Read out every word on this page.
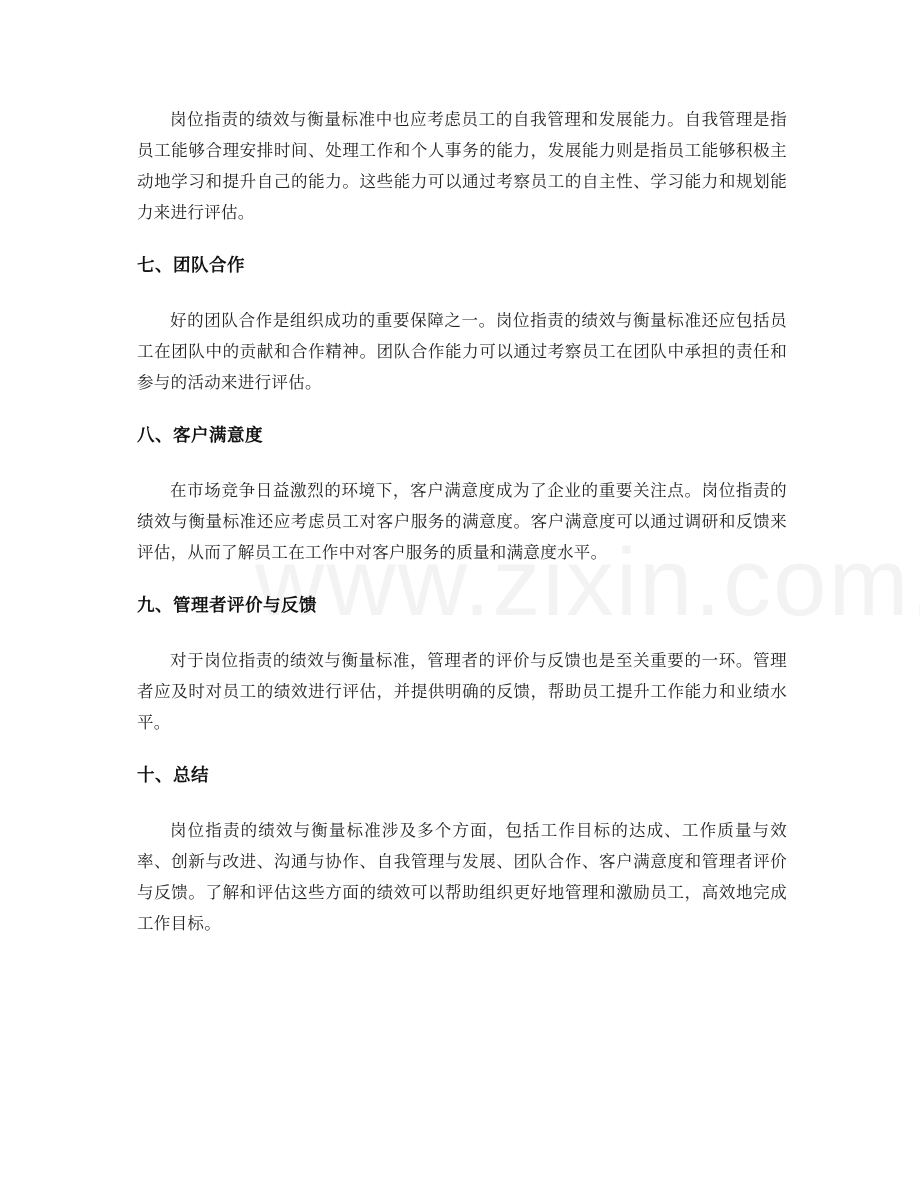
岗位指责的绩效与衡量标准中也应考虑员工的自我管理和发展能力。自我管理是指员工能够合理安排时间、处理工作和个人事务的能力，发展能力则是指员工能够积极主动地学习和提升自己的能力。这些能力可以通过考察员工的自主性、学习能力和规划能力来进行评估。

七、团队合作

好的团队合作是组织成功的重要保障之一。岗位指责的绩效与衡量标准还应包括员工在团队中的贡献和合作精神。团队合作能力可以通过考察员工在团队中承担的责任和参与的活动来进行评估。

八、客户满意度

在市场竞争日益激烈的环境下，客户满意度成为了企业的重要关注点。岗位指责的绩效与衡量标准还应考虑员工对客户服务的满意度。客户满意度可以通过调研和反馈来评估，从而了解员工在工作中对客户服务的质量和满意度水平。

九、管理者评价与反馈

对于岗位指责的绩效与衡量标准，管理者的评价与反馈也是至关重要的一环。管理者应及时对员工的绩效进行评估，并提供明确的反馈，帮助员工提升工作能力和业绩水平。

十、总结

岗位指责的绩效与衡量标准涉及多个方面，包括工作目标的达成、工作质量与效率、创新与改进、沟通与协作、自我管理与发展、团队合作、客户满意度和管理者评价与反馈。了解和评估这些方面的绩效可以帮助组织更好地管理和激励员工，高效地完成工作目标。
